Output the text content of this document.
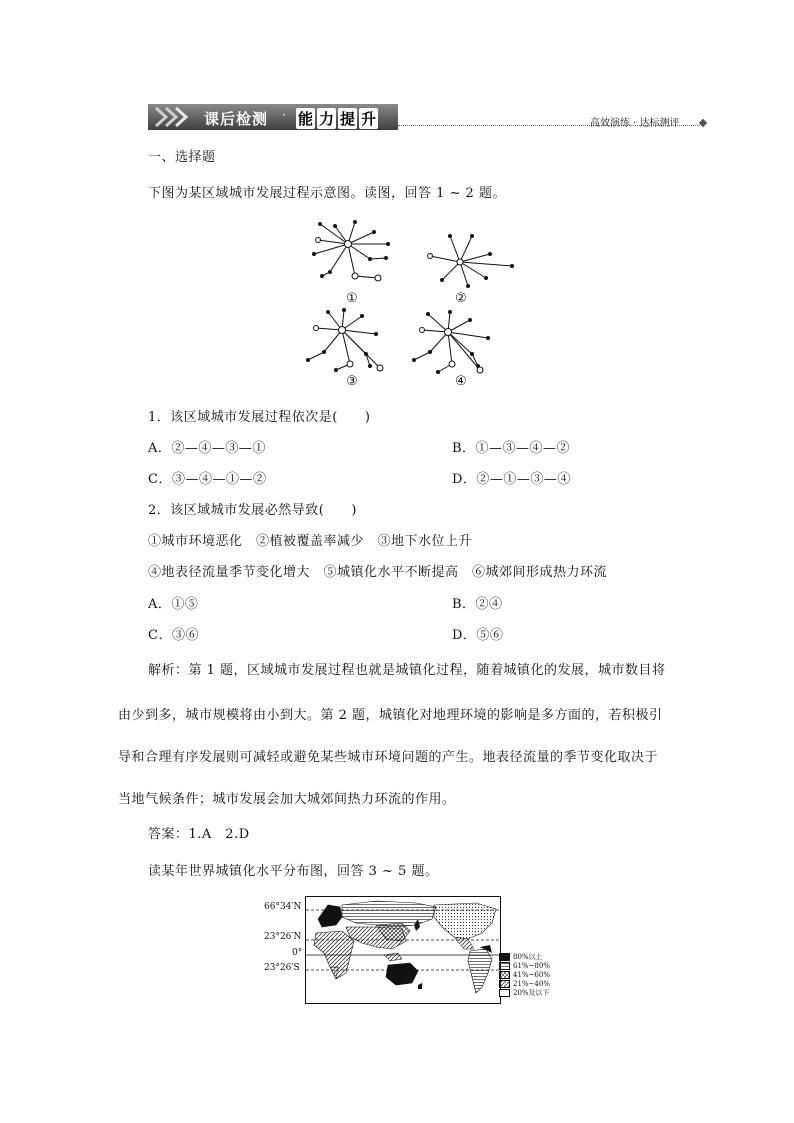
课后检测 · 能 力 提 升	高效演练 · 达标测评
一、选择题
下图为某区域城市发展过程示意图。读图，回答 1 ~ 2 题。
①	②
③	④
1．该区域城市发展过程依次是(　　)
A．②—④—③—①	B．①—③—④—②
C．③—④—①—②	D．②—①—③—④
2．该区域城市发展必然导致(　　)
①城市环境恶化　②植被覆盖率减少　③地下水位上升
④地表径流量季节变化增大　⑤城镇化水平不断提高　⑥城郊间形成热力环流
A．①⑤	B．②④
C．③⑥	D．⑤⑥
解析：第 1 题，区域城市发展过程也就是城镇化过程，随着城镇化的发展，城市数目将
由少到多，城市规模将由小到大。第 2 题，城镇化对地理环境的影响是多方面的，若积极引
导和合理有序发展则可减轻或避免某些城市环境问题的产生。地表径流量的季节变化取决于
当地气候条件；城市发展会加大城郊间热力环流的作用。
答案：1.A　2.D
读某年世界城镇化水平分布图，回答 3 ~ 5 题。
66°34′N
23°26′N
0°
23°26′S
80%以上
61%~80%
41%~60%
21%~40%
20%及以下
